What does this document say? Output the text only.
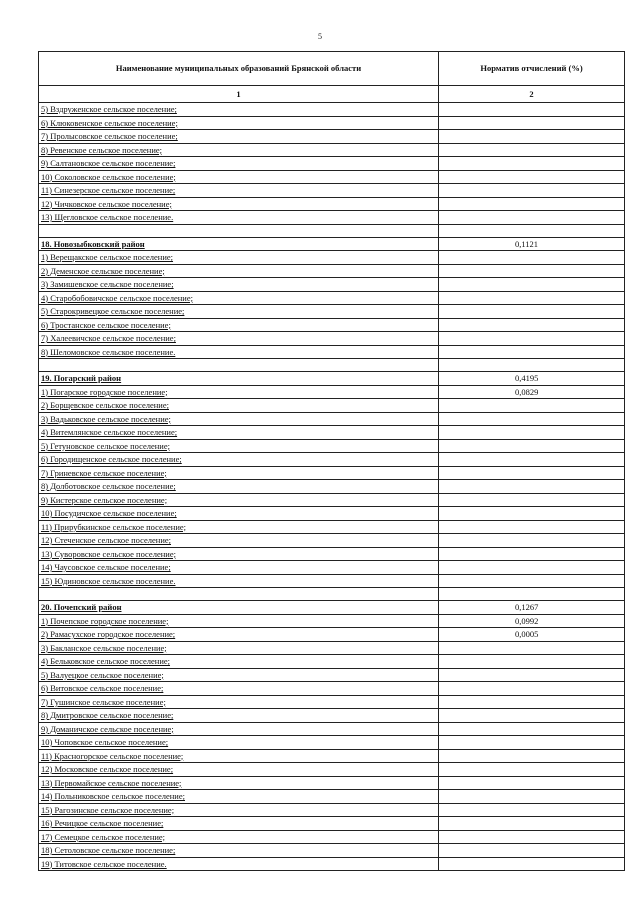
5
Наименование муниципальных образований Брянской области	Норматив отчислений (%)
1	2
5) Вздруженское сельское поселение;	
6) Клюковенское сельское поселение;	
7) Пролысовское сельское поселение;	
8) Ревенское сельское поселение;	
9) Салтановское сельское поселение;	
10) Соколовское сельское поселение;	
11) Синезерское сельское поселение;	
12) Чичковское сельское поселение;	
13) Щегловское сельское поселение.	

18. Новозыбковский район	0,1121
1) Верещакское сельское поселение;	
2) Деменское сельское поселение;	
3) Замишевское сельское поселение;	
4) Старобобовичское сельское поселение;	
5) Старокривецкое сельское поселение;	
6) Тростанское сельское поселение;	
7) Халеевичское сельское поселение;	
8) Шеломовское сельское поселение.	

19. Погарский район	0,4195
1) Погарское городское поселение;	0,0829
2) Борщевское сельское поселение;	
3) Вадьковское сельское поселение;	
4) Витемлянское сельское поселение;	
5) Гетуновское сельское поселение;	
6) Городищенское сельское поселение;	
7) Гриневское сельское поселение;	
8) Долботовское сельское поселение;	
9) Кистерское сельское поселение;	
10) Посудичское сельское поселение;	
11) Прирубкинское сельское поселение;	
12) Стеченское сельское поселение;	
13) Суворовское сельское поселение;	
14) Чаусовское сельское поселение;	
15) Юдиновское сельское поселение.	

20. Почепский район	0,1267
1) Почепское городское поселение;	0,0992
2) Рамасухское городское поселение;	0,0005
3) Бакланское сельское поселение;	
4) Бельковское сельское поселение;	
5) Валуецкое сельское поселение;	
6) Витовское сельское поселение;	
7) Гушинское сельское поселение;	
8) Дмитровское сельское поселение;	
9) Доманичское сельское поселение;	
10) Чоповское сельское поселение;	
11) Красногорское сельское поселение;	
12) Московское сельское поселение;	
13) Первомайское сельское поселение;	
14) Польниковское сельское поселение;	
15) Рагозинское сельское поселение;	
16) Речицкое сельское поселение;	
17) Семецкое сельское поселение;	
18) Сетоловское сельское поселение;	
19) Титовское сельское поселение.	
